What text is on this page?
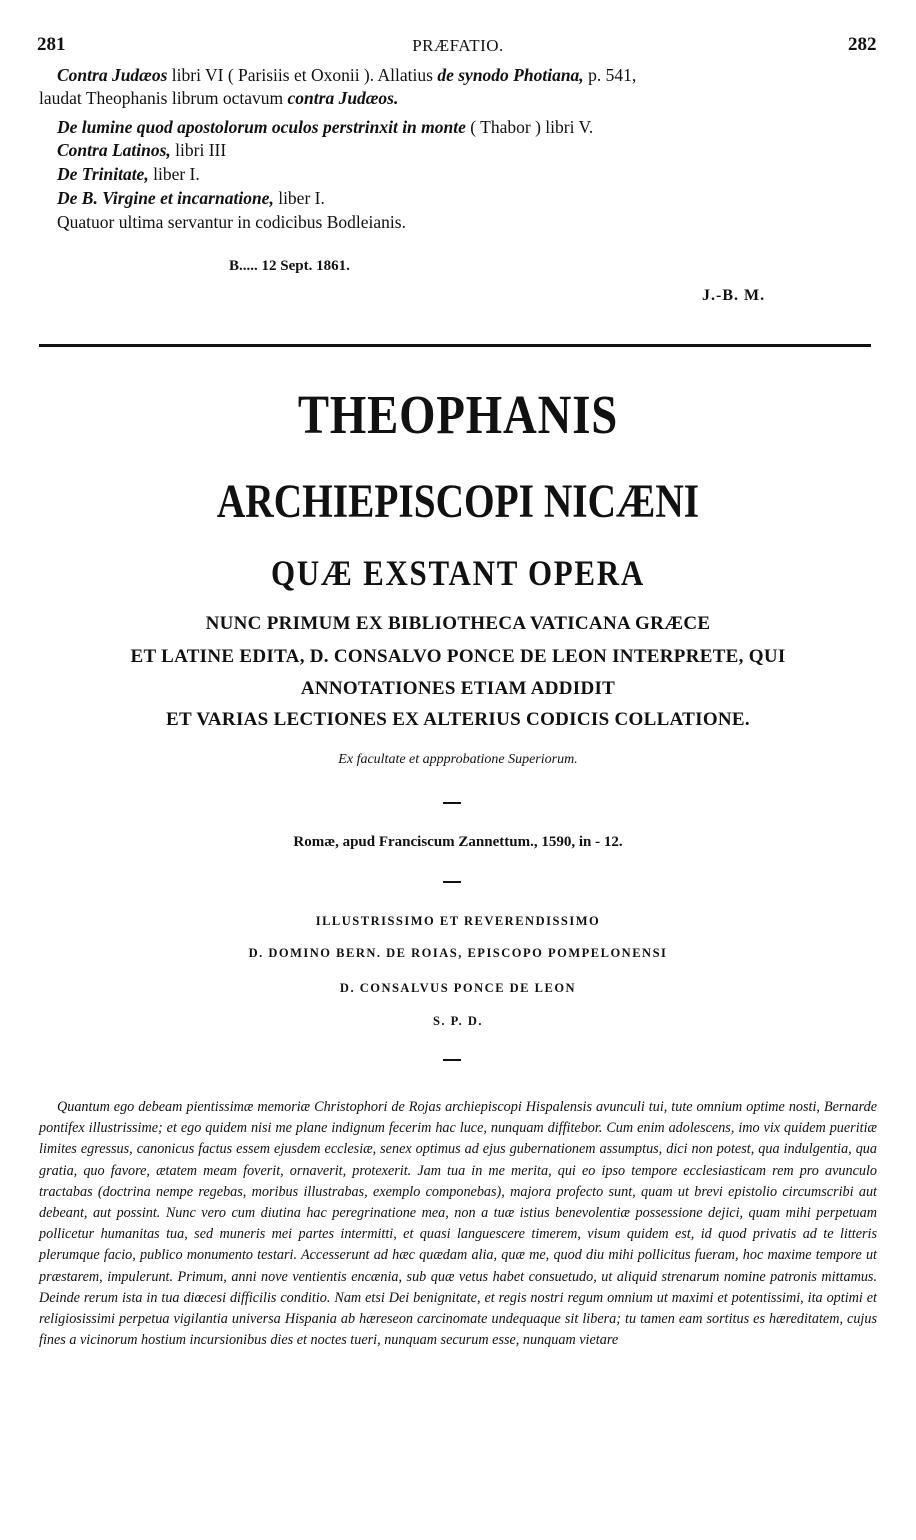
281	PRÆFATIO.	282
Contra Judæos libri VI ( Parisiis et Oxonii ). Allatius de synodo Photiana, p. 541,
laudat Theophanis librum octavum contra Judæos.
De lumine quod apostolorum oculos perstrinxit in monte ( Thabor ) libri V.
Contra Latinos, libri III
De Trinitate, liber I.
De B. Virgine et incarnatione, liber I.
Quatuor ultima servantur in codicibus Bodleianis.
B..... 12 Sept. 1861.
J.-B. M.
THEOPHANIS
ARCHIEPISCOPI NICÆNI
QUÆ EXSTANT OPERA
NUNC PRIMUM EX BIBLIOTHECA VATICANA GRÆCE
ET LATINE EDITA, D. CONSALVO PONCE DE LEON INTERPRETE, QUI
ANNOTATIONES ETIAM ADDIDIT
ET VARIAS LECTIONES EX ALTERIUS CODICIS COLLATIONE.
Ex facultate et appprobatione Superiorum.
Romæ, apud Franciscum Zannettum., 1590, in - 12.
ILLUSTRISSIMO ET REVERENDISSIMO
D. DOMINO BERN. DE ROIAS, EPISCOPO POMPELONENSI
D. CONSALVUS PONCE DE LEON
S. P. D.
Quantum ego debeam pientissimæ memoriæ Christophori de Rojas archiepiscopi Hispalensis avunculi tui, tute omnium optime nosti, Bernarde pontifex illustrissime; et ego quidem nisi me plane indignum fecerim hac luce, nunquam diffitebor. Cum enim adolescens, imo vix quidem pueritiæ limites egressus, canonicus factus essem ejusdem ecclesiæ, senex optimus ad ejus gubernationem assumptus, dici non potest, qua indulgentia, qua gratia, quo favore, ætatem meam foverit, ornaverit, protexerit. Jam tua in me merita, qui eo ipso tempore ecclesiasticam rem pro avunculo tractabas (doctrina nempe regebas, moribus illustrabas, exemplo componebas), majora profecto sunt, quam ut brevi epistolio circumscribi aut debeant, aut possint. Nunc vero cum diutina hac peregrinatione mea, non a tuæ istius benevolentiæ possessione dejici, quam mihi perpetuam pollicetur humanitas tua, sed muneris mei partes intermitti, et quasi languescere timerem, visum quidem est, id quod privatis ad te litteris plerumque facio, publico monumento testari. Accesserunt ad hæc quædam alia, quæ me, quod diu mihi pollicitus fueram, hoc maxime tempore ut præstarem, impulerunt. Primum, anni nove ventientis encænia, sub quæ vetus habet consuetudo, ut aliquid strenarum nomine patronis mittamus. Deinde rerum ista in tua diœcesi difficilis conditio. Nam etsi Dei benignitate, et regis nostri regum omnium ut maximi et potentissimi, ita optimi et religiosissimi perpetua vigilantia universa Hispania ab hæreseon carcinomate undequaque sit libera; tu tamen eam sortitus es hæreditatem, cujus fines a vicinorum hostium incursionibus dies et noctes tueri, nunquam securum esse, nunquam vietare
